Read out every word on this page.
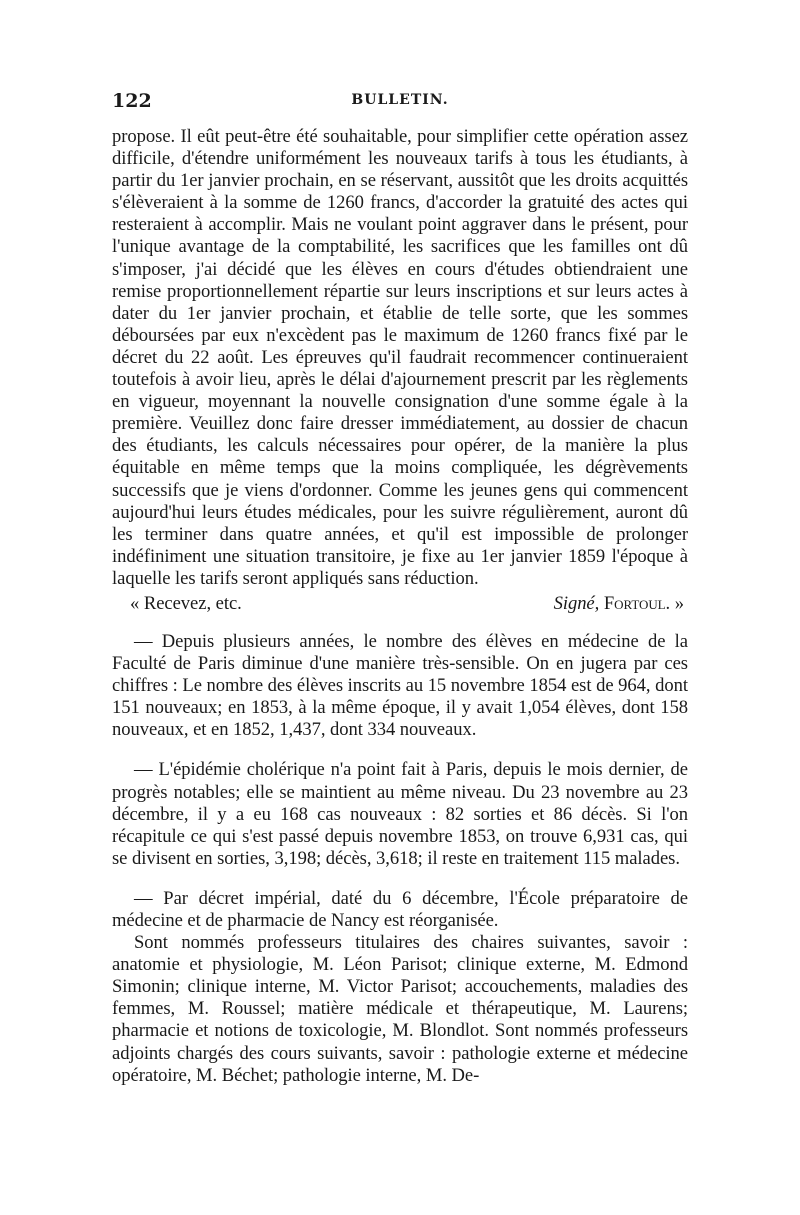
122	BULLETIN.

propose. Il eût peut-être été souhaitable, pour simplifier cette opération assez difficile, d'étendre uniformément les nouveaux tarifs à tous les étudiants, à partir du 1er janvier prochain, en se réservant, aussitôt que les droits acquittés s'élèveraient à la somme de 1260 francs, d'accorder la gratuité des actes qui resteraient à accomplir. Mais ne voulant point aggraver dans le présent, pour l'unique avantage de la comptabilité, les sacrifices que les familles ont dû s'imposer, j'ai décidé que les élèves en cours d'études obtiendraient une remise proportionnellement répartie sur leurs inscriptions et sur leurs actes à dater du 1er janvier prochain, et établie de telle sorte, que les sommes déboursées par eux n'excèdent pas le maximum de 1260 francs fixé par le décret du 22 août. Les épreuves qu'il faudrait recommencer continueraient toutefois à avoir lieu, après le délai d'ajournement prescrit par les règlements en vigueur, moyennant la nouvelle consignation d'une somme égale à la première. Veuillez donc faire dresser immédiatement, au dossier de chacun des étudiants, les calculs nécessaires pour opérer, de la manière la plus équitable en même temps que la moins compliquée, les dégrèvements successifs que je viens d'ordonner. Comme les jeunes gens qui commencent aujourd'hui leurs études médicales, pour les suivre régulièrement, auront dû les terminer dans quatre années, et qu'il est impossible de prolonger indéfiniment une situation transitoire, je fixe au 1er janvier 1859 l'époque à laquelle les tarifs seront appliqués sans réduction.

« Recevez, etc.	Signé, Fortoul. »

— Depuis plusieurs années, le nombre des élèves en médecine de la Faculté de Paris diminue d'une manière très-sensible. On en jugera par ces chiffres : Le nombre des élèves inscrits au 15 novembre 1854 est de 964, dont 151 nouveaux; en 1853, à la même époque, il y avait 1,054 élèves, dont 158 nouveaux, et en 1852, 1,437, dont 334 nouveaux.

— L'épidémie cholérique n'a point fait à Paris, depuis le mois dernier, de progrès notables; elle se maintient au même niveau. Du 23 novembre au 23 décembre, il y a eu 168 cas nouveaux : 82 sorties et 86 décès. Si l'on récapitule ce qui s'est passé depuis novembre 1853, on trouve 6,931 cas, qui se divisent en sorties, 3,198; décès, 3,618; il reste en traitement 115 malades.

— Par décret impérial, daté du 6 décembre, l'École préparatoire de médecine et de pharmacie de Nancy est réorganisée.

Sont nommés professeurs titulaires des chaires suivantes, savoir : anatomie et physiologie, M. Léon Parisot; clinique externe, M. Edmond Simonin; clinique interne, M. Victor Parisot; accouchements, maladies des femmes, M. Roussel; matière médicale et thérapeutique, M. Laurens; pharmacie et notions de toxicologie, M. Blondlot. Sont nommés professeurs adjoints chargés des cours suivants, savoir : pathologie externe et médecine opératoire, M. Béchet; pathologie interne, M. De-
